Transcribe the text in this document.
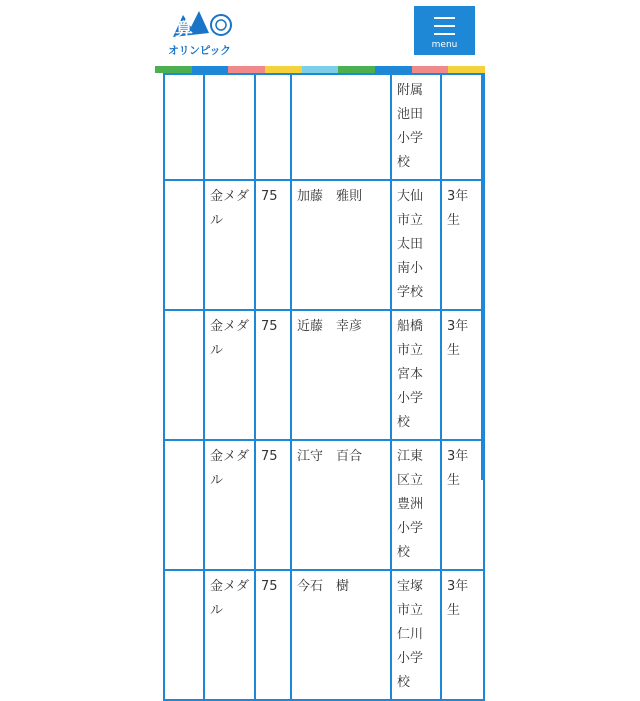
算
オリンピック	menu
				附属池田小学校	
	金メダル	75	加藤　雅則	大仙市立太田南小学校	3年生
	金メダル	75	近藤　幸彦	船橋市立宮本小学校	3年生
	金メダル	75	江守　百合	江東区立豊洲小学校	3年生
	金メダル	75	今石　樹	宝塚市立仁川小学校	3年生
